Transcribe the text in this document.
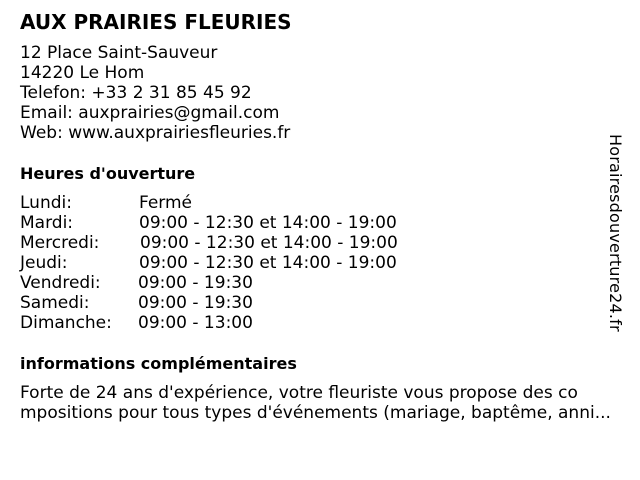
AUX PRAIRIES FLEURIES
12 Place Saint-Sauveur
14220 Le Hom
Telefon: +33 2 31 85 45 92
Email: auxprairies@gmail.com
Web: www.auxprairiesfleuries.fr
Heures d'ouverture
Lundi:	Fermé
Mardi:	09:00 - 12:30 et 14:00 - 19:00
Mercredi: 09:00 - 12:30 et 14:00 - 19:00
Jeudi:	09:00 - 12:30 et 14:00 - 19:00
Vendredi: 09:00 - 19:30
Samedi:	09:00 - 19:30
Dimanche: 09:00 - 13:00
informations complémentaires
Forte de 24 ans d'expérience, votre fleuriste vous propose des co
mpositions pour tous types d'événements (mariage, baptême, anni...
Horairesdouverture24.fr
